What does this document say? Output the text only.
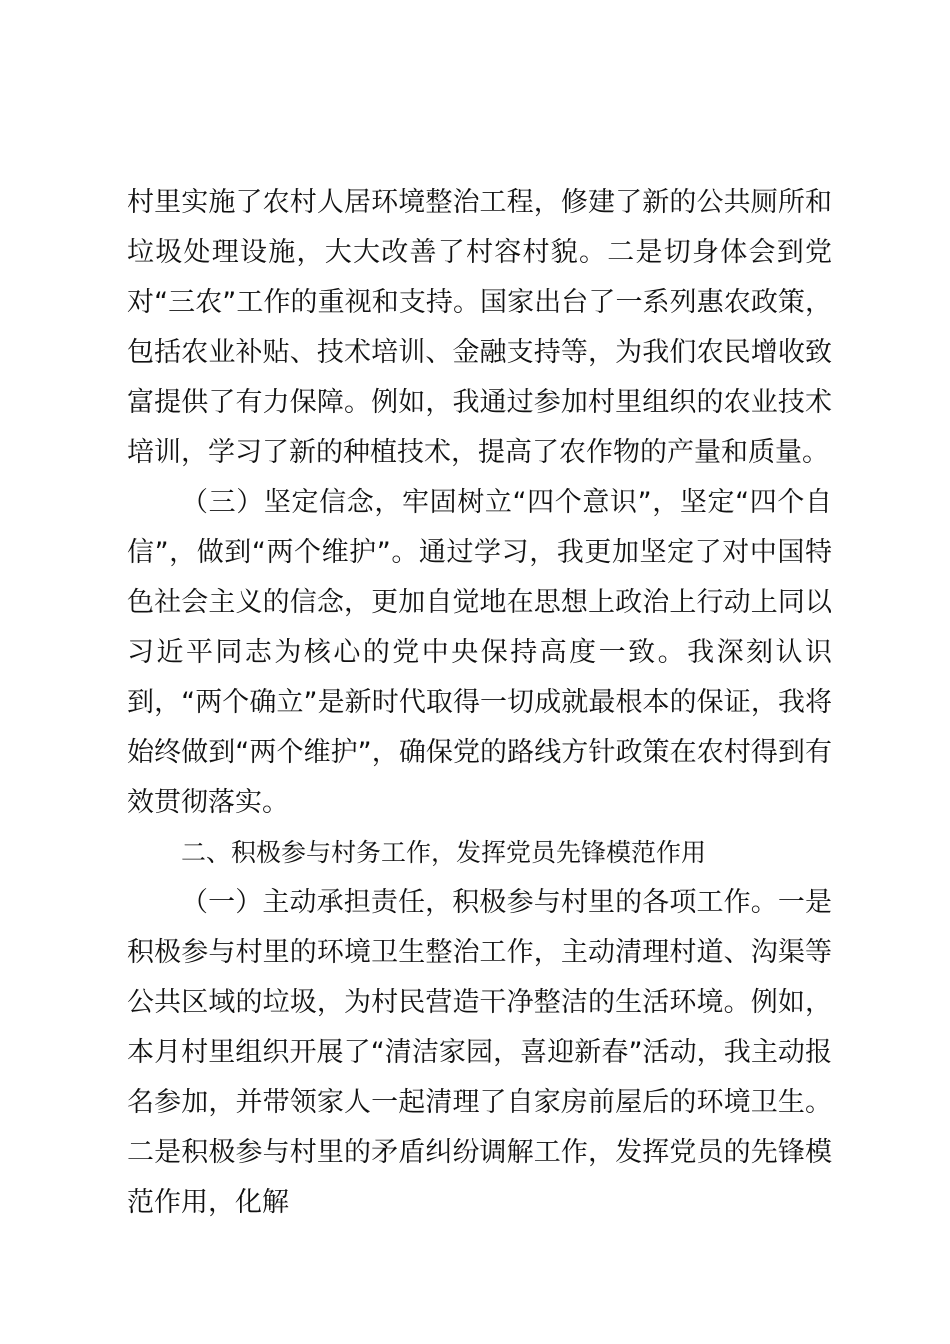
村里实施了农村人居环境整治工程，修建了新的公共厕所和垃圾处理设施，大大改善了村容村貌。二是切身体会到党对“三农”工作的重视和支持。国家出台了一系列惠农政策，包括农业补贴、技术培训、金融支持等，为我们农民增收致富提供了有力保障。例如，我通过参加村里组织的农业技术培训，学习了新的种植技术，提高了农作物的产量和质量。

（三）坚定信念，牢固树立“四个意识”，坚定“四个自信”，做到“两个维护”。通过学习，我更加坚定了对中国特色社会主义的信念，更加自觉地在思想上政治上行动上同以习近平同志为核心的党中央保持高度一致。我深刻认识到，“两个确立”是新时代取得一切成就最根本的保证，我将始终做到“两个维护”，确保党的路线方针政策在农村得到有效贯彻落实。

二、积极参与村务工作，发挥党员先锋模范作用

（一）主动承担责任，积极参与村里的各项工作。一是积极参与村里的环境卫生整治工作，主动清理村道、沟渠等公共区域的垃圾，为村民营造干净整洁的生活环境。例如，本月村里组织开展了“清洁家园，喜迎新春”活动，我主动报名参加，并带领家人一起清理了自家房前屋后的环境卫生。二是积极参与村里的矛盾纠纷调解工作，发挥党员的先锋模范作用，化解
